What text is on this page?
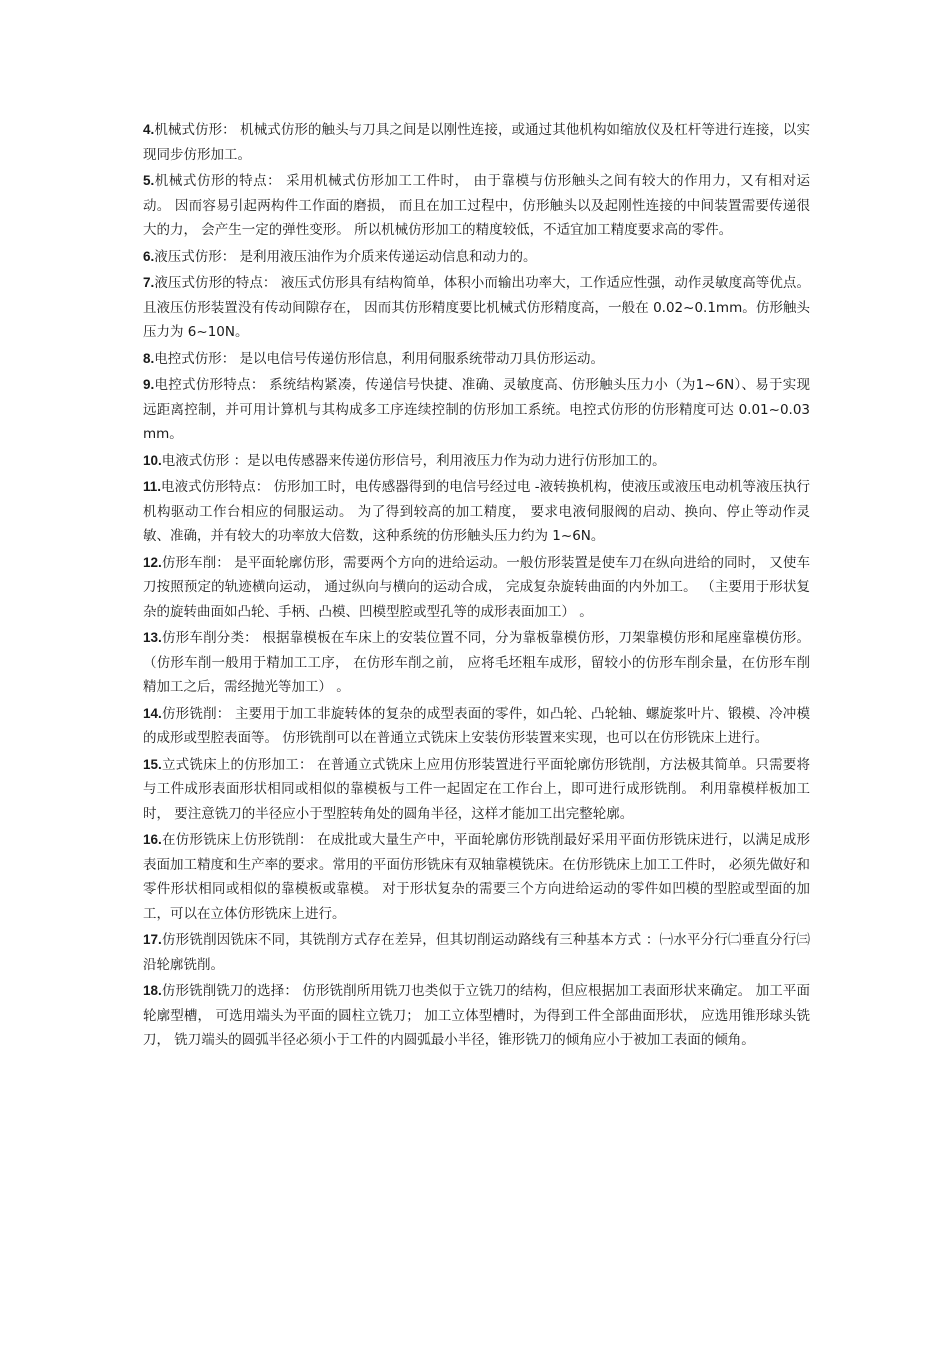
4.机械式仿形： 机械式仿形的触头与刀具之间是以刚性连接，或通过其他机构如缩放仪及杠杆等进行连接，以实现同步仿形加工。

5.机械式仿形的特点： 采用机械式仿形加工工件时， 由于靠模与仿形触头之间有较大的作用力，又有相对运动。 因而容易引起两构件工作面的磨损， 而且在加工过程中，仿形触头以及起刚性连接的中间装置需要传递很大的力， 会产生一定的弹性变形。 所以机械仿形加工的精度较低，不适宜加工精度要求高的零件。

6.液压式仿形： 是利用液压油作为介质来传递运动信息和动力的。

7.液压式仿形的特点： 液压式仿形具有结构简单，体积小而输出功率大，工作适应性强，动作灵敏度高等优点。 且液压仿形装置没有传动间隙存在， 因而其仿形精度要比机械式仿形精度高，一般在 0.02~0.1mm。仿形触头压力为 6~10N。

8.电控式仿形： 是以电信号传递仿形信息，利用伺服系统带动刀具仿形运动。

9.电控式仿形特点： 系统结构紧凑，传递信号快捷、准确、灵敏度高、仿形触头压力小（为1~6N）、易于实现远距离控制，并可用计算机与其构成多工序连续控制的仿形加工系统。电控式仿形的仿形精度可达 0.01~0.03mm。

10.电液式仿形 ：是以电传感器来传递仿形信号，利用液压力作为动力进行仿形加工的。

11.电液式仿形特点： 仿形加工时，电传感器得到的电信号经过电 -液转换机构，使液压或液压电动机等液压执行机构驱动工作台相应的伺服运动。 为了得到较高的加工精度， 要求电液伺服阀的启动、换向、停止等动作灵敏、准确，并有较大的功率放大倍数，这种系统的仿形触头压力约为 1~6N。

12.仿形车削： 是平面轮廓仿形，需要两个方向的进给运动。一般仿形装置是使车刀在纵向进给的同时， 又使车刀按照预定的轨迹横向运动， 通过纵向与横向的运动合成， 完成复杂旋转曲面的内外加工。 （主要用于形状复杂的旋转曲面如凸轮、手柄、凸模、凹模型腔或型孔等的成形表面加工） 。

13.仿形车削分类： 根据靠模板在车床上的安装位置不同，分为靠板靠模仿形，刀架靠模仿形和尾座靠模仿形。 （仿形车削一般用于精加工工序， 在仿形车削之前， 应将毛坯粗车成形，留较小的仿形车削余量，在仿形车削精加工之后，需经抛光等加工） 。

14.仿形铣削： 主要用于加工非旋转体的复杂的成型表面的零件，如凸轮、凸轮轴、螺旋浆叶片、锻模、冷冲模的成形或型腔表面等。 仿形铣削可以在普通立式铣床上安装仿形装置来实现，也可以在仿形铣床上进行。

15.立式铣床上的仿形加工： 在普通立式铣床上应用仿形装置进行平面轮廓仿形铣削，方法极其简单。只需要将与工件成形表面形状相同或相似的靠模板与工件一起固定在工作台上，即可进行成形铣削。 利用靠模样板加工时， 要注意铣刀的半径应小于型腔转角处的圆角半径，这样才能加工出完整轮廓。

16.在仿形铣床上仿形铣削： 在成批或大量生产中，平面轮廓仿形铣削最好采用平面仿形铣床进行，以满足成形表面加工精度和生产率的要求。常用的平面仿形铣床有双轴靠模铣床。在仿形铣床上加工工件时， 必须先做好和零件形状相同或相似的靠模板或靠模。 对于形状复杂的需要三个方向进给运动的零件如凹模的型腔或型面的加工，可以在立体仿形铣床上进行。

17.仿形铣削因铣床不同，其铣削方式存在差异，但其切削运动路线有三种基本方式 ：㈠水平分行㈡垂直分行㈢沿轮廓铣削。

18.仿形铣削铣刀的选择： 仿形铣削所用铣刀也类似于立铣刀的结构，但应根据加工表面形状来确定。 加工平面轮廓型槽， 可选用端头为平面的圆柱立铣刀； 加工立体型槽时，为得到工件全部曲面形状， 应选用锥形球头铣刀， 铣刀端头的圆弧半径必须小于工件的内圆弧最小半径，锥形铣刀的倾角应小于被加工表面的倾角。
